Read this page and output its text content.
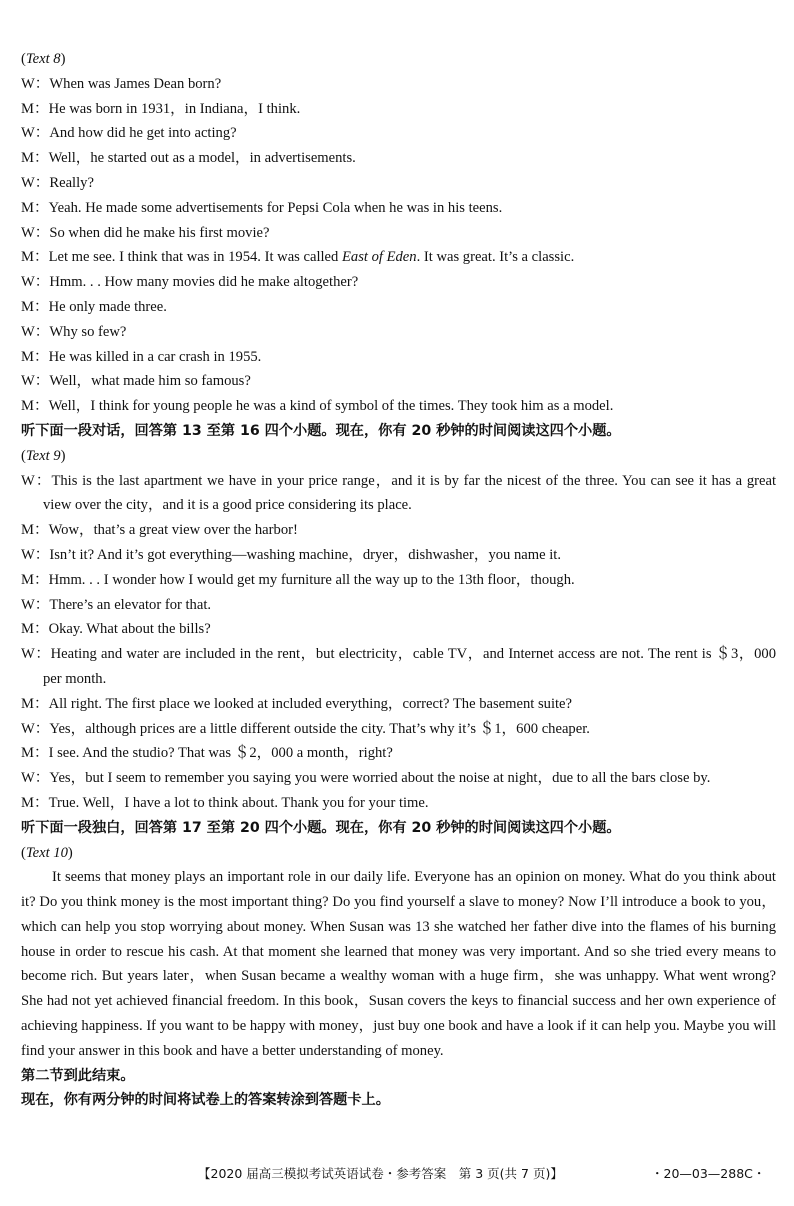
(Text 8)
W：When was James Dean born?
M：He was born in 1931，in Indiana，I think.
W：And how did he get into acting?
M：Well，he started out as a model，in advertisements.
W：Really?
M：Yeah. He made some advertisements for Pepsi Cola when he was in his teens.
W：So when did he make his first movie?
M：Let me see. I think that was in 1954. It was called East of Eden. It was great. It’s a classic.
W：Hmm. . . How many movies did he make altogether?
M：He only made three.
W：Why so few?
M：He was killed in a car crash in 1955.
W：Well，what made him so famous?
M：Well，I think for young people he was a kind of symbol of the times. They took him as a model.
听下面一段对话，回答第 13 至第 16 四个小题。现在，你有 20 秒钟的时间阅读这四个小题。
(Text 9)
W：This is the last apartment we have in your price range，and it is by far the nicest of the three. You can see it has a great view over the city，and it is a good price considering its place.
M：Wow，that’s a great view over the harbor!
W：Isn’t it? And it’s got everything—washing machine，dryer，dishwasher，you name it.
M：Hmm. . . I wonder how I would get my furniture all the way up to the 13th floor，though.
W：There’s an elevator for that.
M：Okay. What about the bills?
W：Heating and water are included in the rent，but electricity，cable TV，and Internet access are not. The rent is ＄3，000 per month.
M：All right. The first place we looked at included everything，correct? The basement suite?
W：Yes，although prices are a little different outside the city. That’s why it’s ＄1，600 cheaper.
M：I see. And the studio? That was ＄2，000 a month，right?
W：Yes，but I seem to remember you saying you were worried about the noise at night，due to all the bars close by.
M：True. Well，I have a lot to think about. Thank you for your time.
听下面一段独白，回答第 17 至第 20 四个小题。现在，你有 20 秒钟的时间阅读这四个小题。
(Text 10)
It seems that money plays an important role in our daily life. Everyone has an opinion on money. What do you think about it? Do you think money is the most important thing? Do you find yourself a slave to money? Now I’ll introduce a book to you，which can help you stop worrying about money. When Susan was 13 she watched her father dive into the flames of his burning house in order to rescue his cash. At that moment she learned that money was very important. And so she tried every means to become rich. But years later，when Susan became a wealthy woman with a huge firm，she was unhappy. What went wrong? She had not yet achieved financial freedom. In this book，Susan covers the keys to financial success and her own experience of achieving happiness. If you want to be happy with money，just buy one book and have a look if it can help you. Maybe you will find your answer in this book and have a better understanding of money.
第二节到此结束。
现在，你有两分钟的时间将试卷上的答案转涂到答题卡上。
【2020 届高三模拟考试英语试卷・参考答案　第 3 页(共 7 页)】	・20—03—288C・
